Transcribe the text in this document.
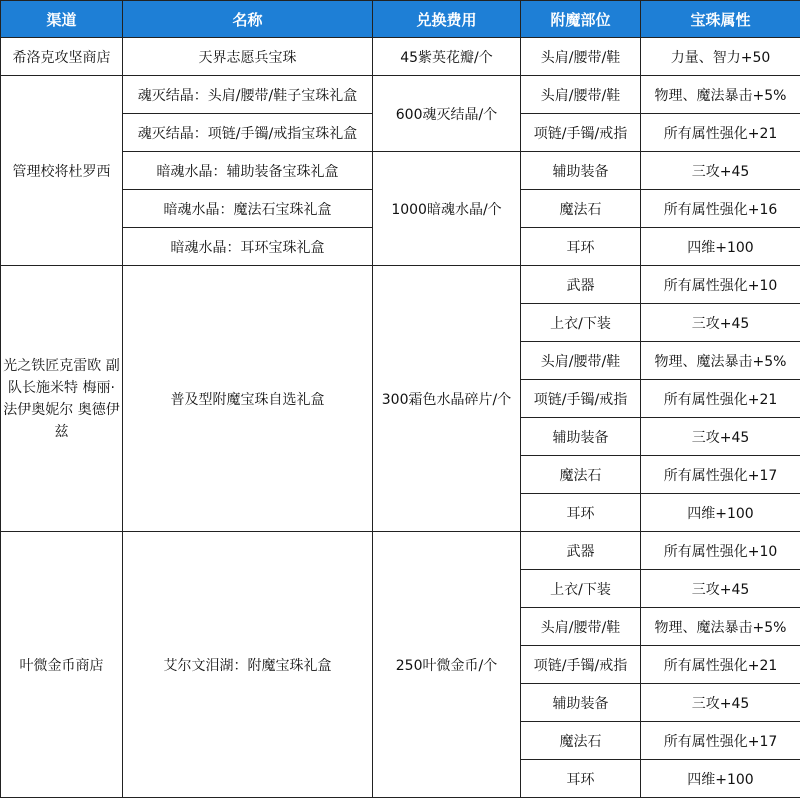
渠道	名称	兑换费用	附魔部位	宝珠属性
希洛克攻坚商店	天界志愿兵宝珠	45紫英花瓣/个	头肩/腰带/鞋	力量、智力+50
管理校将杜罗西	魂灭结晶：头肩/腰带/鞋子宝珠礼盒	600魂灭结晶/个	头肩/腰带/鞋	物理、魔法暴击+5%
	魂灭结晶：项链/手镯/戒指宝珠礼盒		项链/手镯/戒指	所有属性强化+21
	暗魂水晶：辅助装备宝珠礼盒	1000暗魂水晶/个	辅助装备	三攻+45
	暗魂水晶：魔法石宝珠礼盒		魔法石	所有属性强化+16
	暗魂水晶：耳环宝珠礼盒		耳环	四维+100
光之铁匠克雷欧 副队长施米特 梅丽·法伊奥妮尔 奥德伊兹	普及型附魔宝珠自选礼盒	300霜色水晶碎片/个	武器	所有属性强化+10
			上衣/下装	三攻+45
			头肩/腰带/鞋	物理、魔法暴击+5%
			项链/手镯/戒指	所有属性强化+21
			辅助装备	三攻+45
			魔法石	所有属性强化+17
			耳环	四维+100
叶微金币商店	艾尔文泪湖：附魔宝珠礼盒	250叶微金币/个	武器	所有属性强化+10
			上衣/下装	三攻+45
			头肩/腰带/鞋	物理、魔法暴击+5%
			项链/手镯/戒指	所有属性强化+21
			辅助装备	三攻+45
			魔法石	所有属性强化+17
			耳环	四维+100
